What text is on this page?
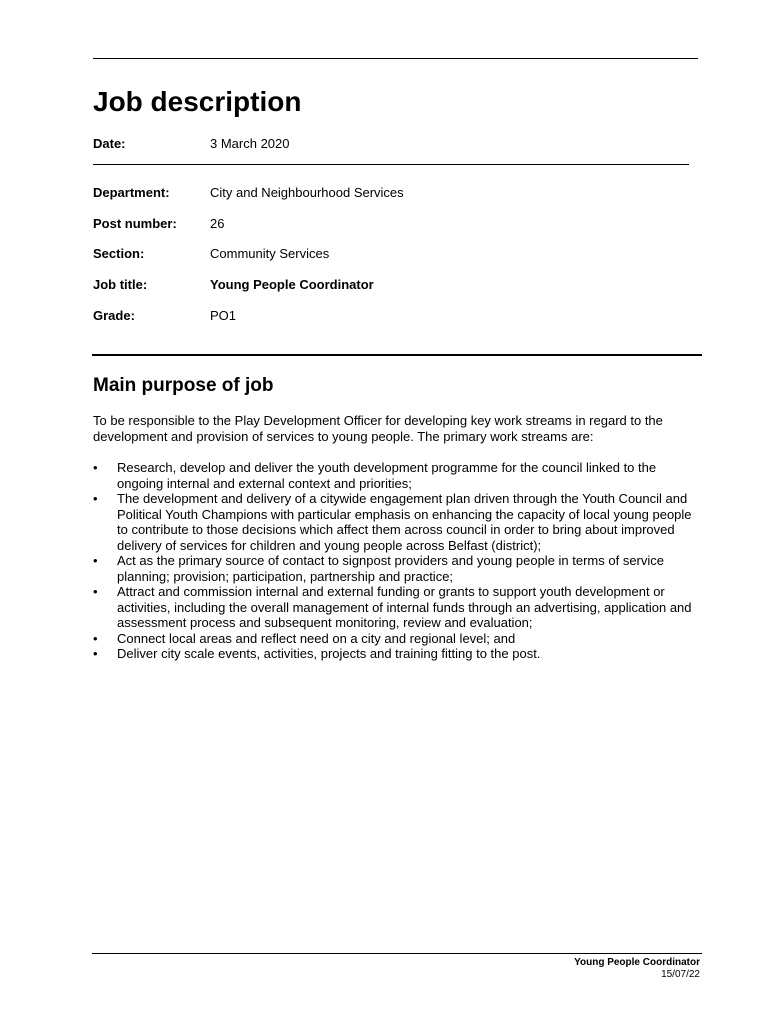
Job description
Date:	3 March 2020
Department:	City and Neighbourhood Services
Post number:	26
Section:	Community Services
Job title:	Young People Coordinator
Grade:	PO1
Main purpose of job

To be responsible to the Play Development Officer for developing key work streams in regard to the development and provision of services to young people. The primary work streams are:

•	Research, develop and deliver the youth development programme for the council linked to the ongoing internal and external context and priorities;
•	The development and delivery of a citywide engagement plan driven through the Youth Council and Political Youth Champions with particular emphasis on enhancing the capacity of local young people to contribute to those decisions which affect them across council in order to bring about improved delivery of services for children and young people across Belfast (district);
•	Act as the primary source of contact to signpost providers and young people in terms of service planning; provision; participation, partnership and practice;
•	Attract and commission internal and external funding or grants to support youth development or activities, including the overall management of internal funds through an advertising, application and assessment process and subsequent monitoring, review and evaluation;
•	Connect local areas and reflect need on a city and regional level; and
•	Deliver city scale events, activities, projects and training fitting to the post.
Young People Coordinator
15/07/22
